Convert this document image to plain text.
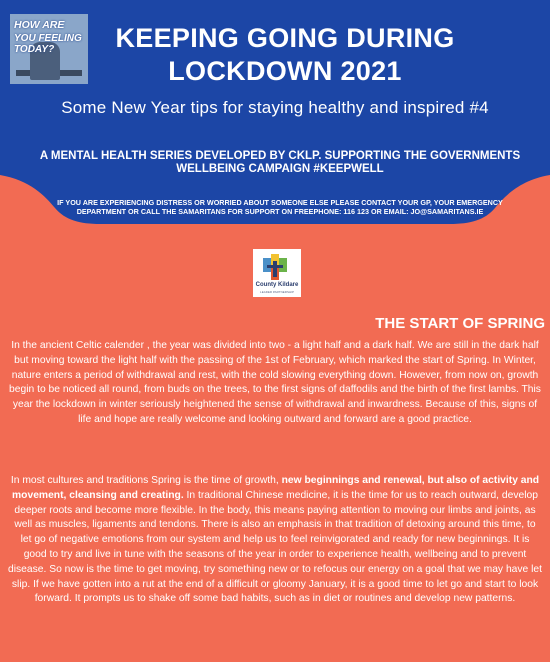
HOW ARE
YOU FEELING TODAY?	KEEPING GOING DURING
LOCKDOWN 2021
Some New Year tips for staying healthy and inspired #4
A MENTAL HEALTH SERIES DEVELOPED BY CKLP. SUPPORTING THE GOVERNMENTS WELLBEING CAMPAIGN #KEEPWELL
IF YOU ARE EXPERIENCING DISTRESS OR WORRIED ABOUT SOMEONE ELSE PLEASE CONTACT YOUR GP, YOUR EMERGENCY DEPARTMENT OR CALL THE SAMARITANS FOR SUPPORT ON FREEPHONE: 116 123 OR EMAIL: JO@SAMARITANS.IE
County Kildare
LEADER PARTNERSHIP
THE START OF SPRING
In the ancient Celtic calender , the year was divided into two - a light half and a dark half. We are still in the dark half but moving toward the light half with the passing of the 1st of February, which marked the start of Spring. In Winter, nature enters a period of withdrawal and rest, with the cold slowing everything down. However, from now on, growth begin to be noticed all round, from buds on the trees, to the first signs of daffodils and the birth of the first lambs. This year the lockdown in winter seriously heightened the sense of withdrawal and inwardness. Because of this, signs of life and hope are really welcome and looking outward and forward are a good practice.
In most cultures and traditions Spring is the time of growth, new beginnings and renewal, but also of activity and movement, cleansing and creating. In traditional Chinese medicine, it is the time for us to reach outward, develop deeper roots and become more flexible. In the body, this means paying attention to moving our limbs and joints, as well as muscles, ligaments and tendons. There is also an emphasis in that tradition of detoxing around this time, to let go of negative emotions from our system and help us to feel reinvigorated and ready for new beginnings. It is good to try and live in tune with the seasons of the year in order to experience health, wellbeing and to prevent disease. So now is the time to get moving, try something new or to refocus our energy on a goal that we may have let slip. If we have gotten into a rut at the end of a difficult or gloomy January, it is a good time to let go and start to look forward. It prompts us to shake off some bad habits, such as in diet or routines and develop new patterns.
